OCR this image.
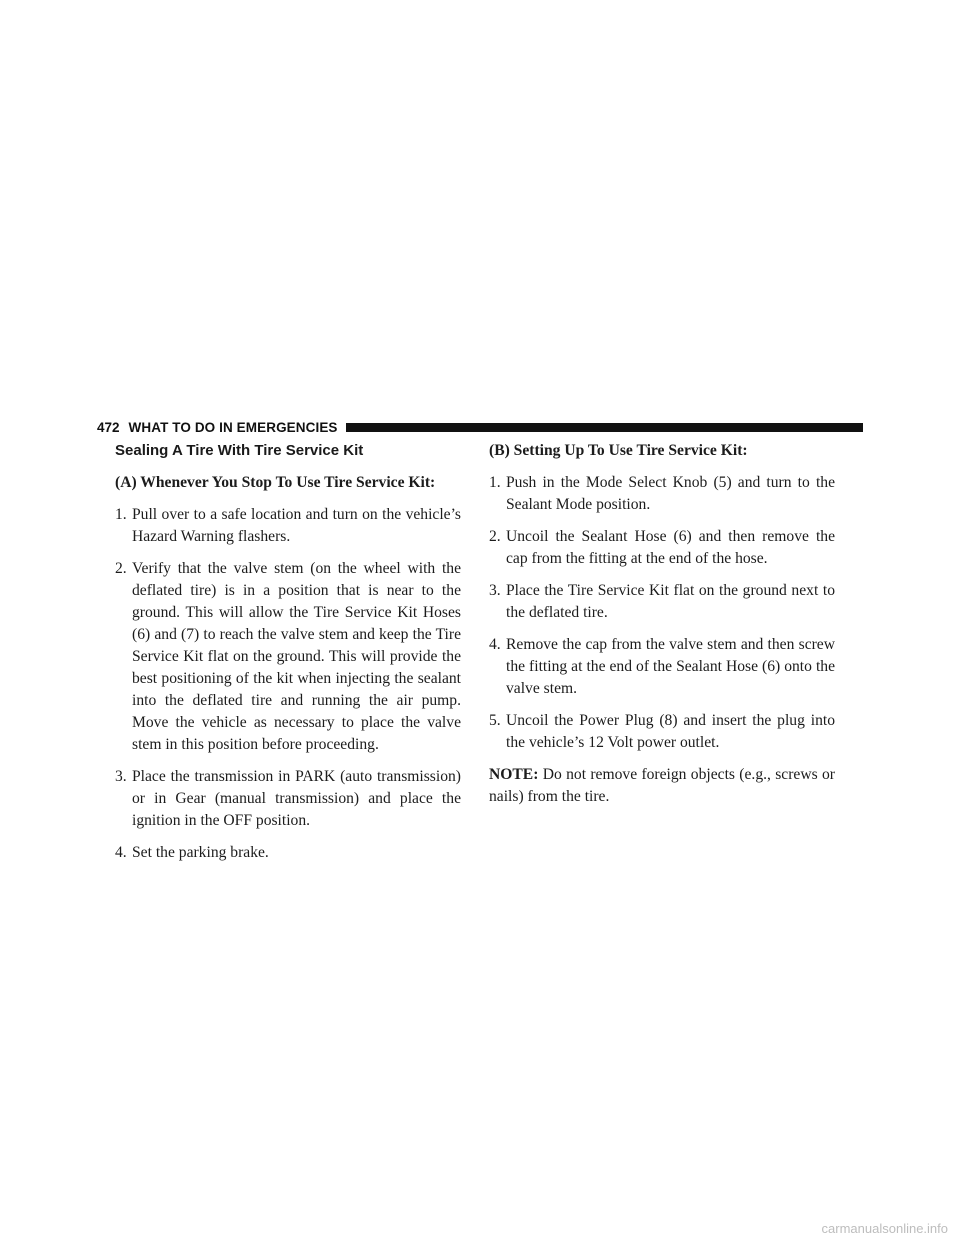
472 WHAT TO DO IN EMERGENCIES
Sealing A Tire With Tire Service Kit
(A) Whenever You Stop To Use Tire Service Kit:
1. Pull over to a safe location and turn on the vehicle’s Hazard Warning flashers.
2. Verify that the valve stem (on the wheel with the deflated tire) is in a position that is near to the ground. This will allow the Tire Service Kit Hoses (6) and (7) to reach the valve stem and keep the Tire Service Kit flat on the ground. This will provide the best positioning of the kit when injecting the sealant into the deflated tire and running the air pump. Move the vehicle as necessary to place the valve stem in this position before proceeding.
3. Place the transmission in PARK (auto transmission) or in Gear (manual transmission) and place the ignition in the OFF position.
4. Set the parking brake.
(B) Setting Up To Use Tire Service Kit:
1. Push in the Mode Select Knob (5) and turn to the Sealant Mode position.
2. Uncoil the Sealant Hose (6) and then remove the cap from the fitting at the end of the hose.
3. Place the Tire Service Kit flat on the ground next to the deflated tire.
4. Remove the cap from the valve stem and then screw the fitting at the end of the Sealant Hose (6) onto the valve stem.
5. Uncoil the Power Plug (8) and insert the plug into the vehicle’s 12 Volt power outlet.

NOTE: Do not remove foreign objects (e.g., screws or nails) from the tire.

carmanualsonline.info
